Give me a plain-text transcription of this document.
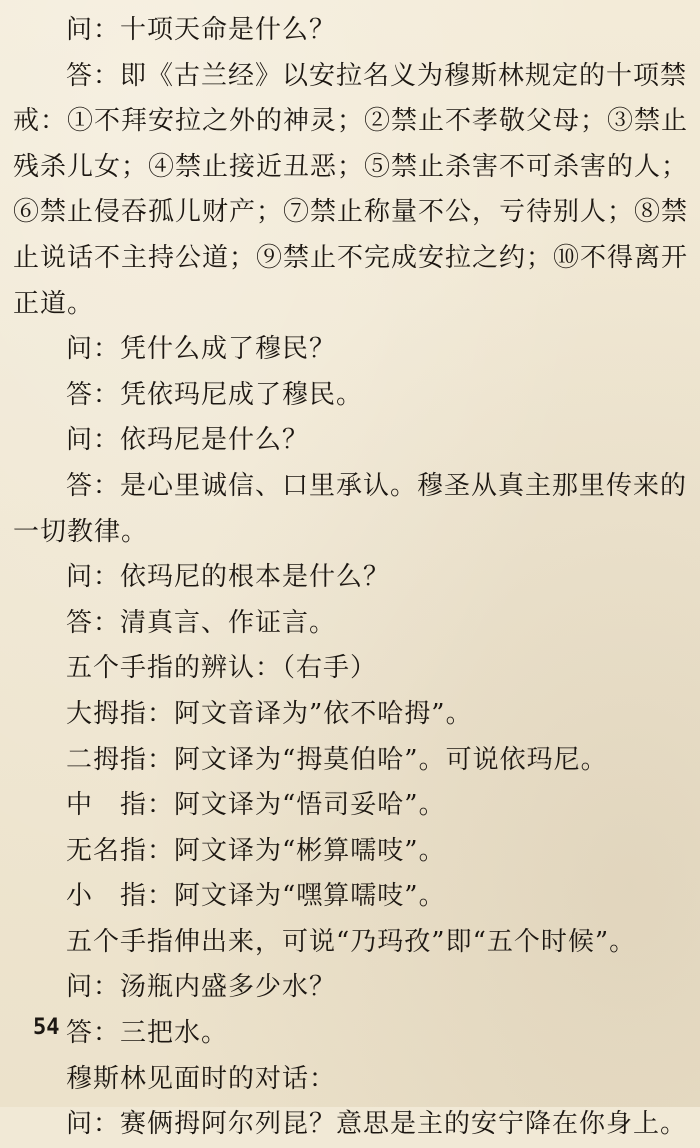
问：十项天命是什么？
答：即《古兰经》以安拉名义为穆斯林规定的十项禁
戒：①不拜安拉之外的神灵；②禁止不孝敬父母；③禁止
残杀儿女；④禁止接近丑恶；⑤禁止杀害不可杀害的人；
⑥禁止侵吞孤儿财产；⑦禁止称量不公，亏待别人；⑧禁
止说话不主持公道；⑨禁止不完成安拉之约；⑩不得离开
正道。
问：凭什么成了穆民？
答：凭依玛尼成了穆民。
问：依玛尼是什么？
答：是心里诚信、口里承认。穆圣从真主那里传来的
一切教律。
问：依玛尼的根本是什么？
答：清真言、作证言。
五个手指的辨认：（右手）
大拇指：阿文音译为”依不哈拇”。
二拇指：阿文译为“拇莫伯哈”。可说依玛尼。
中　指：阿文译为“悟司妥哈”。
无名指：阿文译为“彬算嚅吱”。
小　指：阿文译为“嘿算嚅吱”。
五个手指伸出来，可说“乃玛孜”即“五个时候”。
问：汤瓶内盛多少水？
答：三把水。
穆斯林见面时的对话：
问：赛俩拇阿尔列昆？意思是主的安宁降在你身上。
54
